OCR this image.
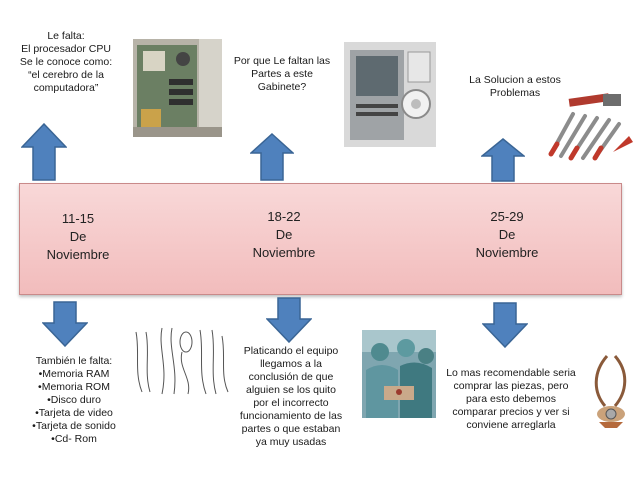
Le falta:
El procesador CPU
Se le conoce como:
“el cerebro de la
computadora”
Por que Le faltan las
Partes a este
Gabinete?
La Solucion a estos
Problemas
11-15
De
Noviembre
18-22
De
Noviembre
25-29
De
Noviembre
También le falta:
•Memoria RAM
•Memoria ROM
•Disco duro
•Tarjeta de video
•Tarjeta de sonido
•Cd- Rom
Platicando el equipo
llegamos a la
conclusión de que
alguien se los quito
por el incorrecto
funcionamiento de las
partes o que estaban
ya muy usadas
Lo mas recomendable seria
comprar las piezas, pero
para esto debemos
comparar precios y ver si
conviene arreglarla
